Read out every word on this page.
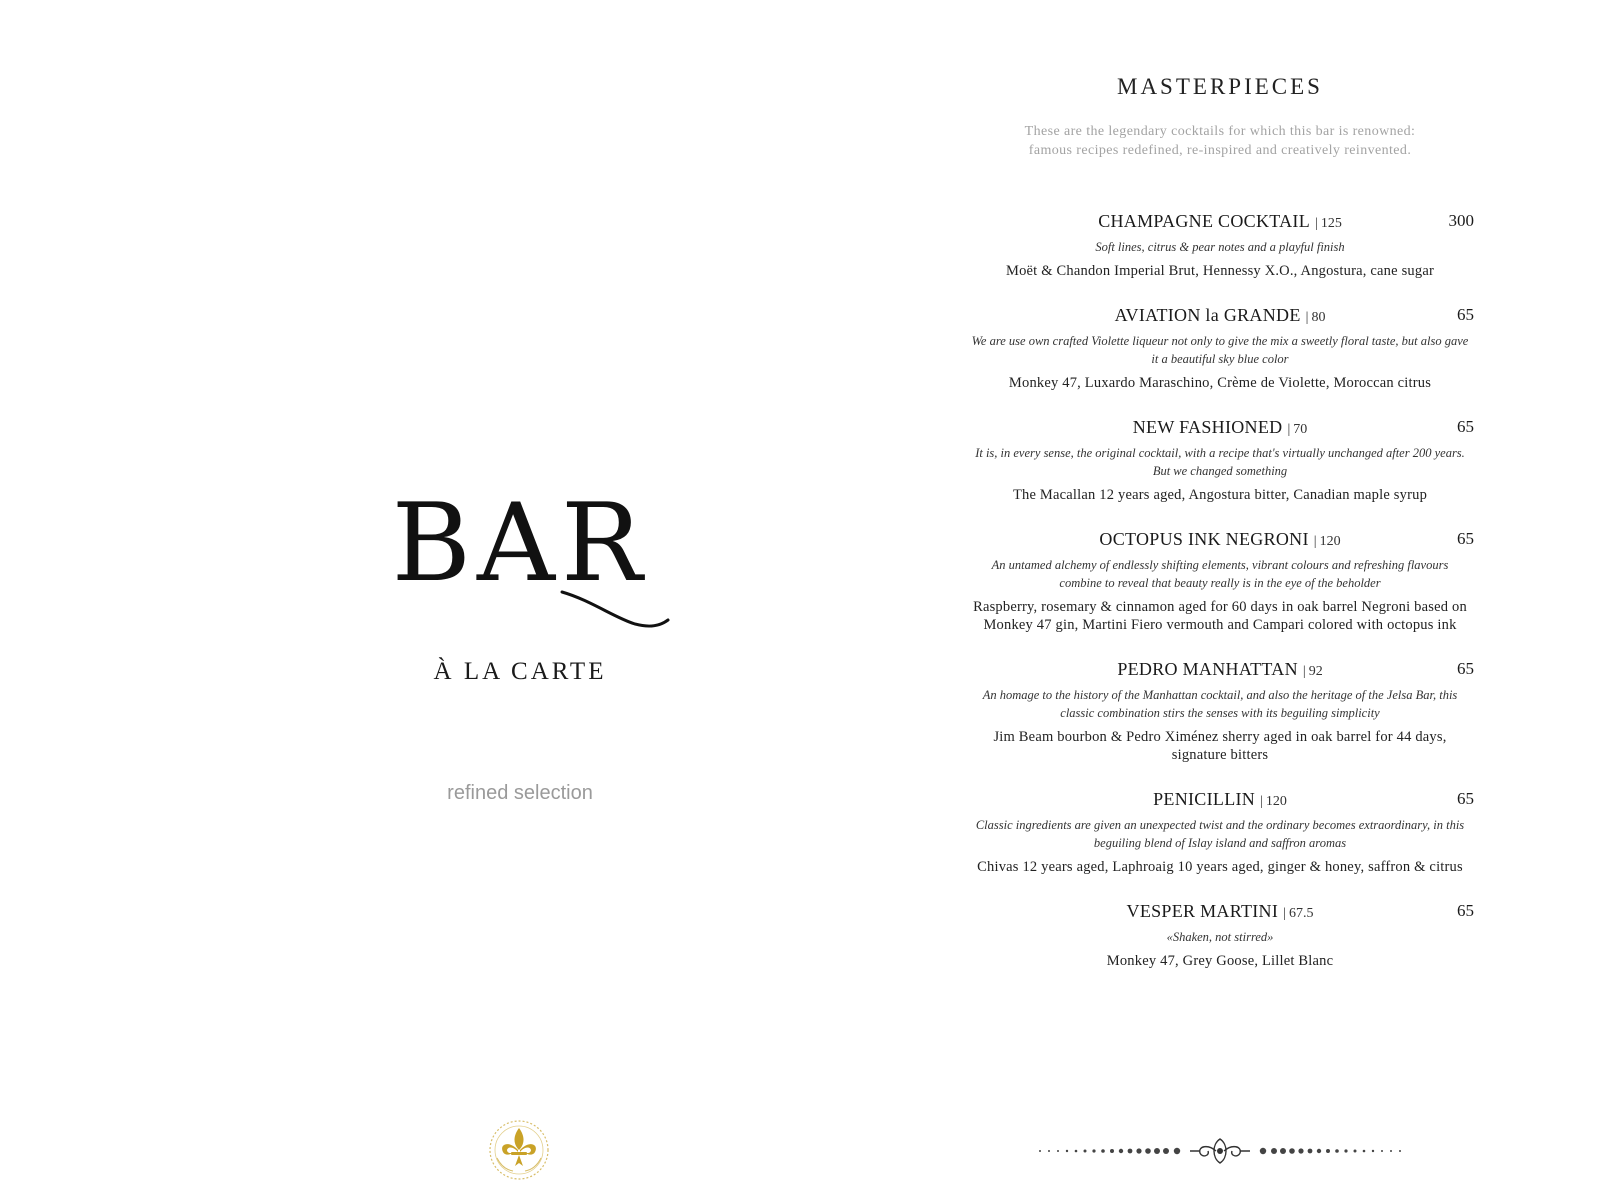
BAR
À LA CARTE
refined selection
MASTERPIECES
These are the legendary cocktails for which this bar is renowned:
famous recipes redefined, re-inspired and creatively reinvented.
CHAMPAGNE COCKTAIL | 125	300
Soft lines, citrus & pear notes and a playful finish
Moët & Chandon Imperial Brut, Hennessy X.O., Angostura, cane sugar
AVIATION la GRANDE | 80	65
We are use own crafted Violette liqueur not only to give the mix a sweetly floral taste, but also gave it a beautiful sky blue color
Monkey 47, Luxardo Maraschino, Crème de Violette, Moroccan citrus
NEW FASHIONED | 70	65
It is, in every sense, the original cocktail, with a recipe that's virtually unchanged after 200 years. But we changed something
The Macallan 12 years aged, Angostura bitter, Canadian maple syrup
OCTOPUS INK NEGRONI | 120	65
An untamed alchemy of endlessly shifting elements, vibrant colours and refreshing flavours combine to reveal that beauty really is in the eye of the beholder
Raspberry, rosemary & cinnamon aged for 60 days in oak barrel Negroni based on Monkey 47 gin, Martini Fiero vermouth and Campari colored with octopus ink
PEDRO MANHATTAN | 92	65
An homage to the history of the Manhattan cocktail, and also the heritage of the Jelsa Bar, this classic combination stirs the senses with its beguiling simplicity
Jim Beam bourbon & Pedro Ximénez sherry aged in oak barrel for 44 days, signature bitters
PENICILLIN | 120	65
Classic ingredients are given an unexpected twist and the ordinary becomes extraordinary, in this beguiling blend of Islay island and saffron aromas
Chivas 12 years aged, Laphroaig 10 years aged, ginger & honey, saffron & citrus
VESPER MARTINI | 67.5	65
«Shaken, not stirred»
Monkey 47, Grey Goose, Lillet Blanc
